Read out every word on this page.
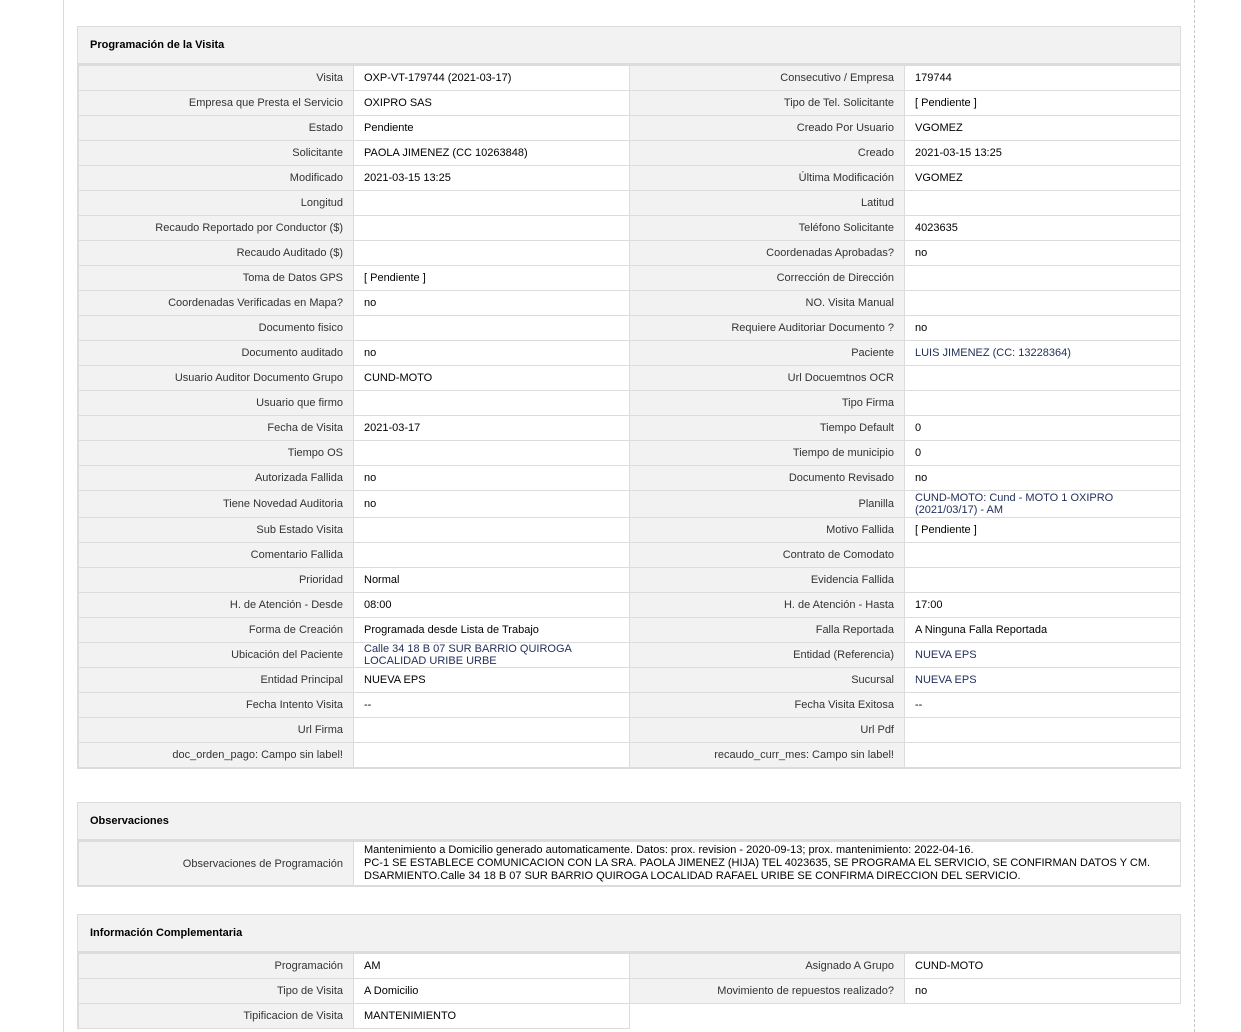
Programación de la Visita
Visita	OXP-VT-179744 (2021-03-17)	Consecutivo / Empresa	179744
Empresa que Presta el Servicio	OXIPRO SAS	Tipo de Tel. Solicitante	[ Pendiente ]
Estado	Pendiente	Creado Por Usuario	VGOMEZ
Solicitante	PAOLA JIMENEZ (CC 10263848)	Creado	2021-03-15 13:25
Modificado	2021-03-15 13:25	Última Modificación	VGOMEZ
Longitud		Latitud	
Recaudo Reportado por Conductor ($)		Teléfono Solicitante	4023635
Recaudo Auditado ($)		Coordenadas Aprobadas?	no
Toma de Datos GPS	[ Pendiente ]	Corrección de Dirección	
Coordenadas Verificadas en Mapa?	no	NO. Visita Manual	
Documento fisico		Requiere Auditoriar Documento ?	no
Documento auditado	no	Paciente	LUIS JIMENEZ (CC: 13228364)
Usuario Auditor Documento Grupo	CUND-MOTO	Url Docuemtnos OCR	
Usuario que firmo		Tipo Firma	
Fecha de Visita	2021-03-17	Tiempo Default	0
Tiempo OS		Tiempo de municipio	0
Autorizada Fallida	no	Documento Revisado	no
Tiene Novedad Auditoria	no	Planilla	CUND-MOTO: Cund - MOTO 1 OXIPRO (2021/03/17) - AM
Sub Estado Visita		Motivo Fallida	[ Pendiente ]
Comentario Fallida		Contrato de Comodato	
Prioridad	Normal	Evidencia Fallida	
H. de Atención - Desde	08:00	H. de Atención - Hasta	17:00
Forma de Creación	Programada desde Lista de Trabajo	Falla Reportada	A Ninguna Falla Reportada
Ubicación del Paciente	Calle 34 18 B 07 SUR BARRIO QUIROGA LOCALIDAD URIBE URBE	Entidad (Referencia)	NUEVA EPS
Entidad Principal	NUEVA EPS	Sucursal	NUEVA EPS
Fecha Intento Visita	--	Fecha Visita Exitosa	--
Url Firma		Url Pdf	
doc_orden_pago: Campo sin label!		recaudo_curr_mes: Campo sin label!	
Observaciones
Observaciones de Programación	Mantenimiento a Domicilio generado automaticamente. Datos: prox. revision - 2020-09-13; prox. mantenimiento: 2022-04-16.
PC-1 SE ESTABLECE COMUNICACION CON LA SRA. PAOLA JIMENEZ (HIJA) TEL 4023635, SE PROGRAMA EL SERVICIO, SE CONFIRMAN DATOS Y CM.
DSARMIENTO.Calle 34 18 B 07 SUR BARRIO QUIROGA LOCALIDAD RAFAEL URIBE SE CONFIRMA DIRECCION DEL SERVICIO.
Información Complementaria
Programación	AM	Asignado A Grupo	CUND-MOTO
Tipo de Visita	A Domicilio	Movimiento de repuestos realizado?	no
Tipificacion de Visita	MANTENIMIENTO		
